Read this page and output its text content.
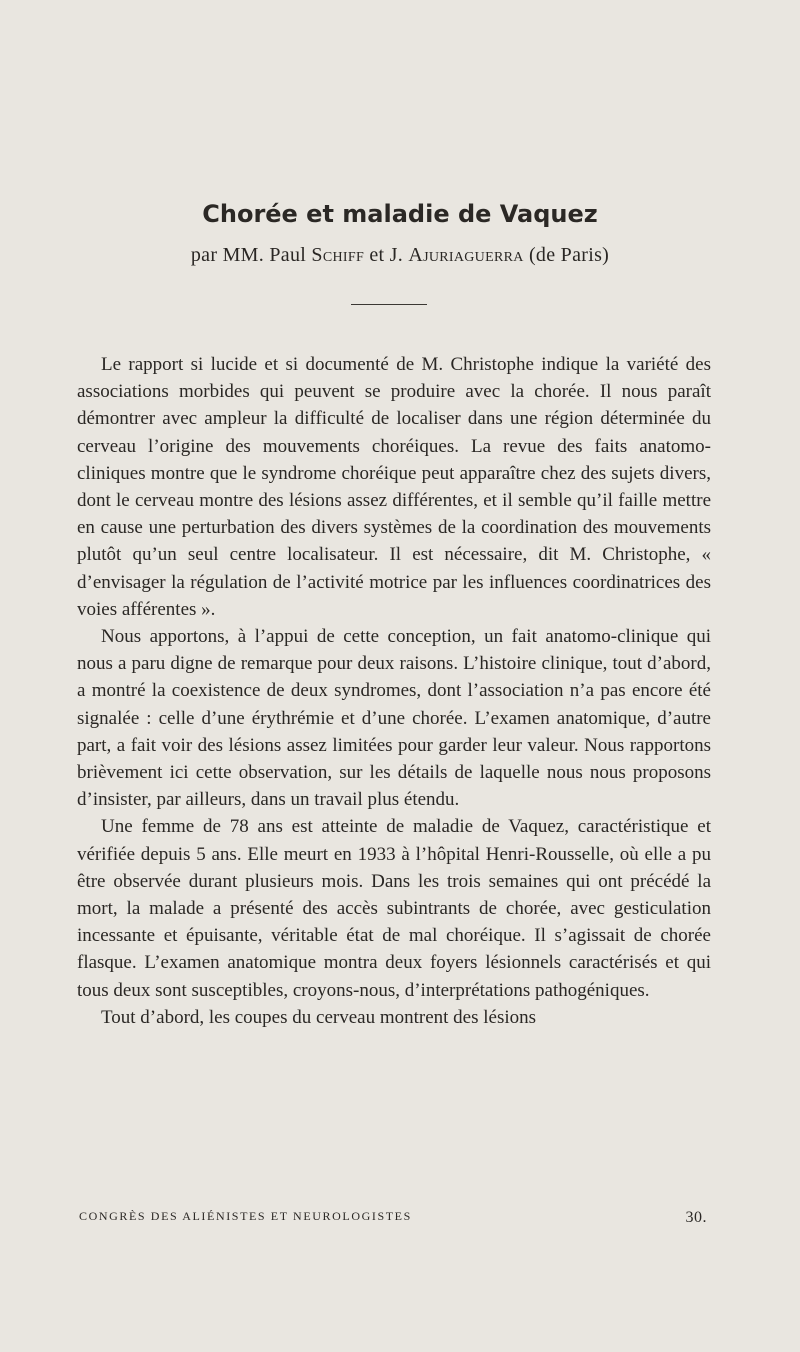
Chorée et maladie de Vaquez
par MM. Paul Schiff et J. Ajuriaguerra (de Paris)

Le rapport si lucide et si documenté de M. Christophe indique la variété des associations morbides qui peuvent se produire avec la chorée. Il nous paraît démontrer avec ampleur la difficulté de localiser dans une région déterminée du cerveau l’origine des mouvements choréiques. La revue des faits anatomo-cliniques montre que le syndrome choréique peut apparaître chez des sujets divers, dont le cerveau montre des lésions assez différentes, et il semble qu’il faille mettre en cause une perturbation des divers systèmes de la coordination des mouvements plutôt qu’un seul centre localisateur. Il est nécessaire, dit M. Christophe, « d’envisager la régulation de l’activité motrice par les influences coordinatrices des voies afférentes ».

Nous apportons, à l’appui de cette conception, un fait anatomo-clinique qui nous a paru digne de remarque pour deux raisons. L’histoire clinique, tout d’abord, a montré la coexistence de deux syndromes, dont l’association n’a pas encore été signalée : celle d’une érythrémie et d’une chorée. L’examen anatomique, d’autre part, a fait voir des lésions assez limitées pour garder leur valeur. Nous rapportons brièvement ici cette observation, sur les détails de laquelle nous nous proposons d’insister, par ailleurs, dans un travail plus étendu.

Une femme de 78 ans est atteinte de maladie de Vaquez, caractéristique et vérifiée depuis 5 ans. Elle meurt en 1933 à l’hôpital Henri-Rousselle, où elle a pu être observée durant plusieurs mois. Dans les trois semaines qui ont précédé la mort, la malade a présenté des accès subintrants de chorée, avec gesticulation incessante et épuisante, véritable état de mal choréique. Il s’agissait de chorée flasque. L’examen anatomique montra deux foyers lésionnels caractérisés et qui tous deux sont susceptibles, croyons-nous, d’interprétations pathogéniques.

Tout d’abord, les coupes du cerveau montrent des lésions

CONGRÈS DES ALIÉNISTES ET NEUROLOGISTES	30.
